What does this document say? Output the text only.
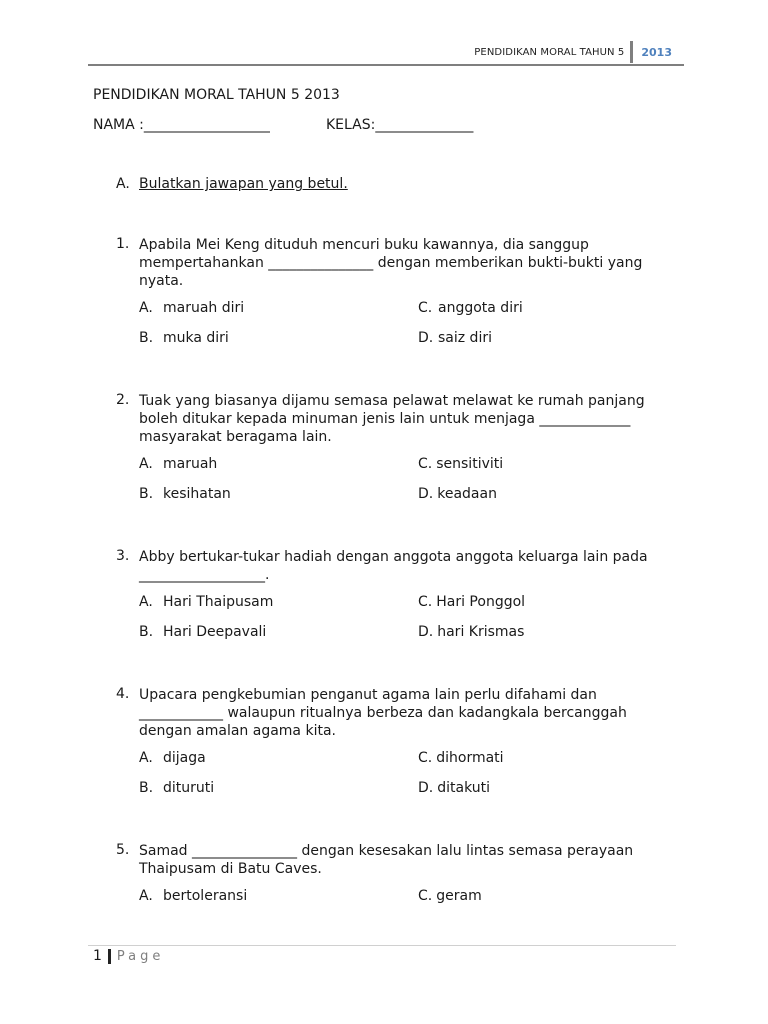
PENDIDIKAN MORAL TAHUN 5	2013
PENDIDIKAN MORAL TAHUN 5 2013
NAMA :__________________	KELAS:______________
A. Bulatkan jawapan yang betul.
1. Apabila Mei Keng dituduh mencuri buku kawannya, dia sanggup mempertahankan _______________ dengan memberikan bukti-bukti yang nyata.
A. maruah diri
B. muka diri
C. anggota diri
D. saiz diri
2. Tuak yang biasanya dijamu semasa pelawat melawat ke rumah panjang boleh ditukar kepada minuman jenis lain untuk menjaga _____________ masyarakat beragama lain.
A. maruah
B. kesihatan
C. sensitiviti
D. keadaan
3. Abby bertukar-tukar hadiah dengan anggota anggota keluarga lain pada __________________.
A. Hari Thaipusam
B. Hari Deepavali
C. Hari Ponggol
D. hari Krismas
4. Upacara pengkebumian penganut agama lain perlu difahami dan ____________ walaupun ritualnya berbeza dan kadangkala bercanggah dengan amalan agama kita.
A. dijaga
B. dituruti
C. dihormati
D. ditakuti
5. Samad _______________ dengan kesesakan lalu lintas semasa perayaan Thaipusam di Batu Caves.
A. bertoleransi	C. geram
1 Page
